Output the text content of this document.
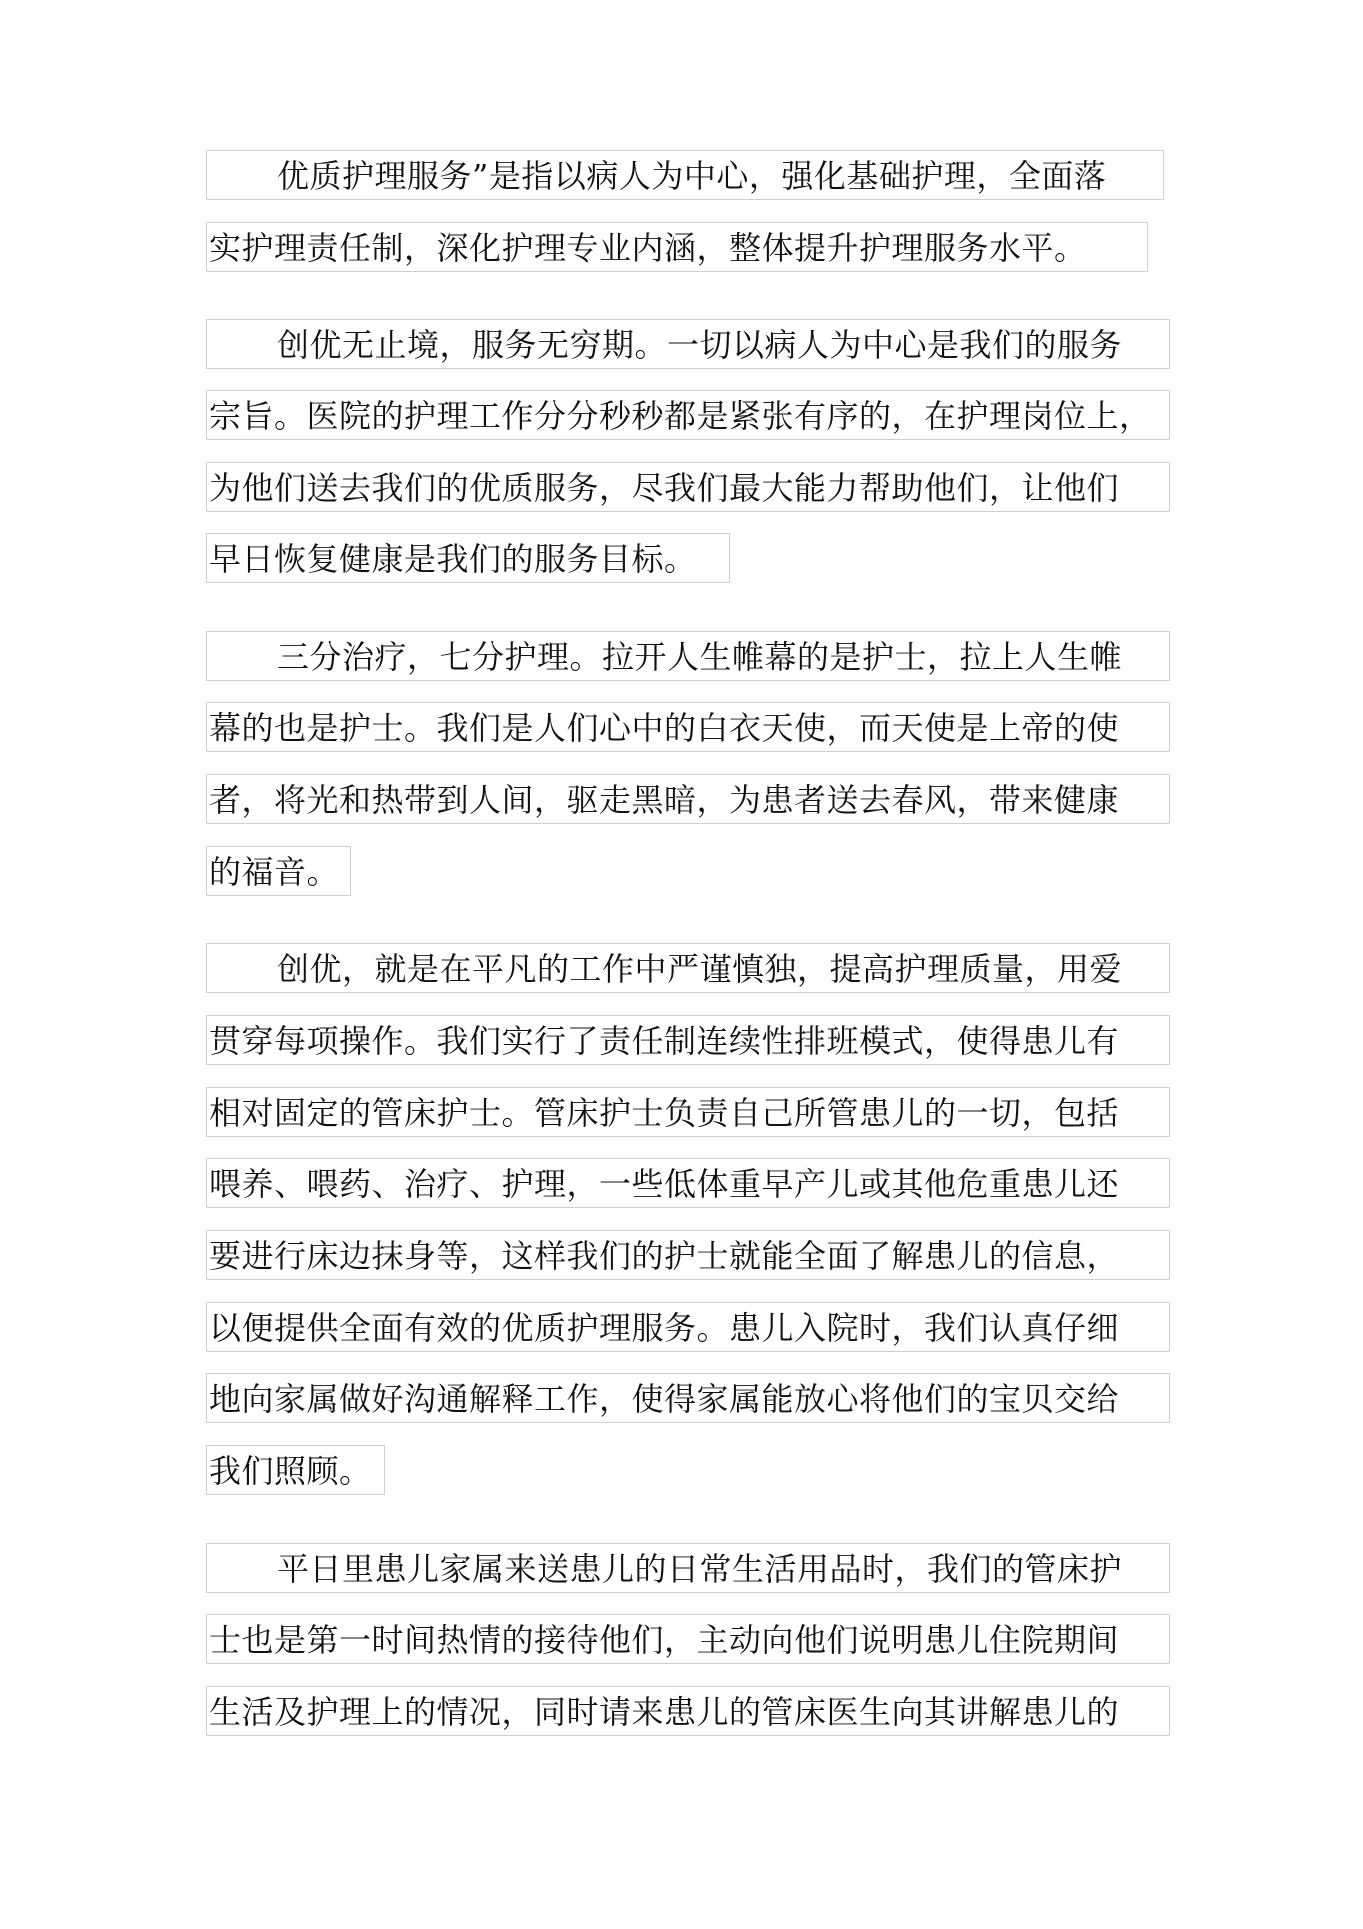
优质护理服务”是指以病人为中心，强化基础护理，全面落
实护理责任制，深化护理专业内涵，整体提升护理服务水平。
创优无止境，服务无穷期。一切以病人为中心是我们的服务
宗旨。医院的护理工作分分秒秒都是紧张有序的，在护理岗位上，
为他们送去我们的优质服务，尽我们最大能力帮助他们，让他们
早日恢复健康是我们的服务目标。
三分治疗，七分护理。拉开人生帷幕的是护士，拉上人生帷
幕的也是护士。我们是人们心中的白衣天使，而天使是上帝的使
者，将光和热带到人间，驱走黑暗，为患者送去春风，带来健康
的福音。
创优，就是在平凡的工作中严谨慎独，提高护理质量，用爱
贯穿每项操作。我们实行了责任制连续性排班模式，使得患儿有
相对固定的管床护士。管床护士负责自己所管患儿的一切，包括
喂养、喂药、治疗、护理，一些低体重早产儿或其他危重患儿还
要进行床边抹身等，这样我们的护士就能全面了解患儿的信息，
以便提供全面有效的优质护理服务。患儿入院时，我们认真仔细
地向家属做好沟通解释工作，使得家属能放心将他们的宝贝交给
我们照顾。
平日里患儿家属来送患儿的日常生活用品时，我们的管床护
士也是第一时间热情的接待他们，主动向他们说明患儿住院期间
生活及护理上的情况，同时请来患儿的管床医生向其讲解患儿的
